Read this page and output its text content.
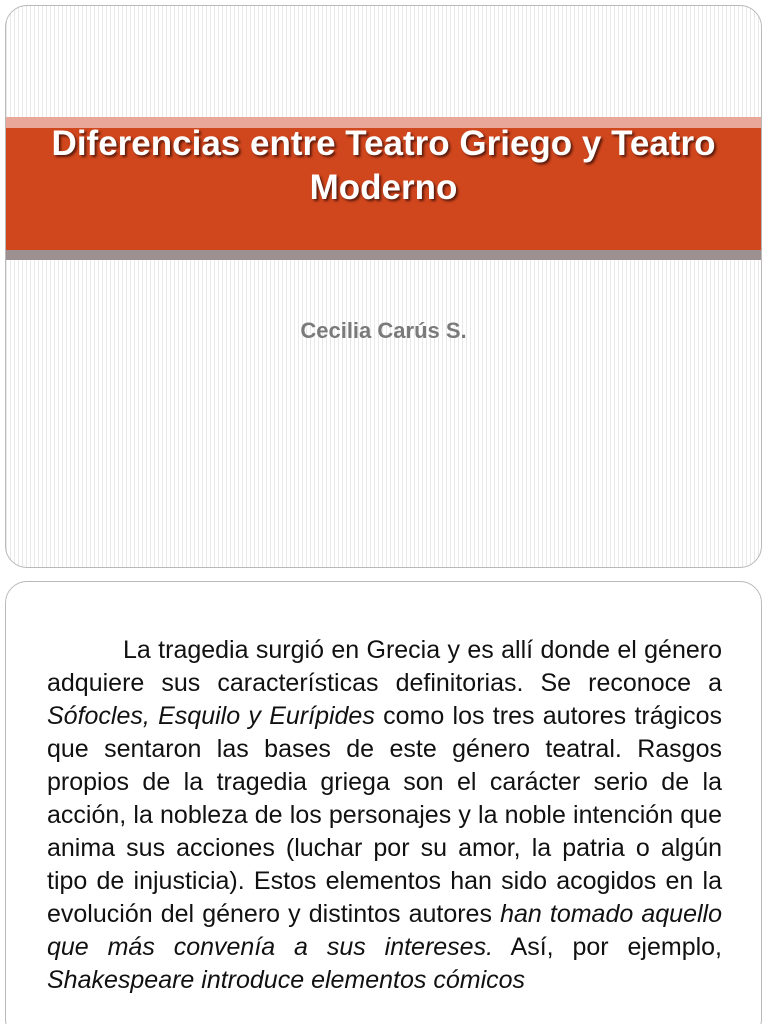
Diferencias entre Teatro Griego y Teatro Moderno

Cecilia Carús S.

La tragedia surgió en Grecia y es allí donde el género adquiere sus características definitorias. Se reconoce a Sófocles, Esquilo y Eurípides como los tres autores trágicos que sentaron las bases de este género teatral. Rasgos propios de la tragedia griega son el carácter serio de la acción, la nobleza de los personajes y la noble intención que anima sus acciones (luchar por su amor, la patria o algún tipo de injusticia). Estos elementos han sido acogidos en la evolución del género y distintos autores han tomado aquello que más convenía a sus intereses. Así, por ejemplo, Shakespeare introduce elementos cómicos
